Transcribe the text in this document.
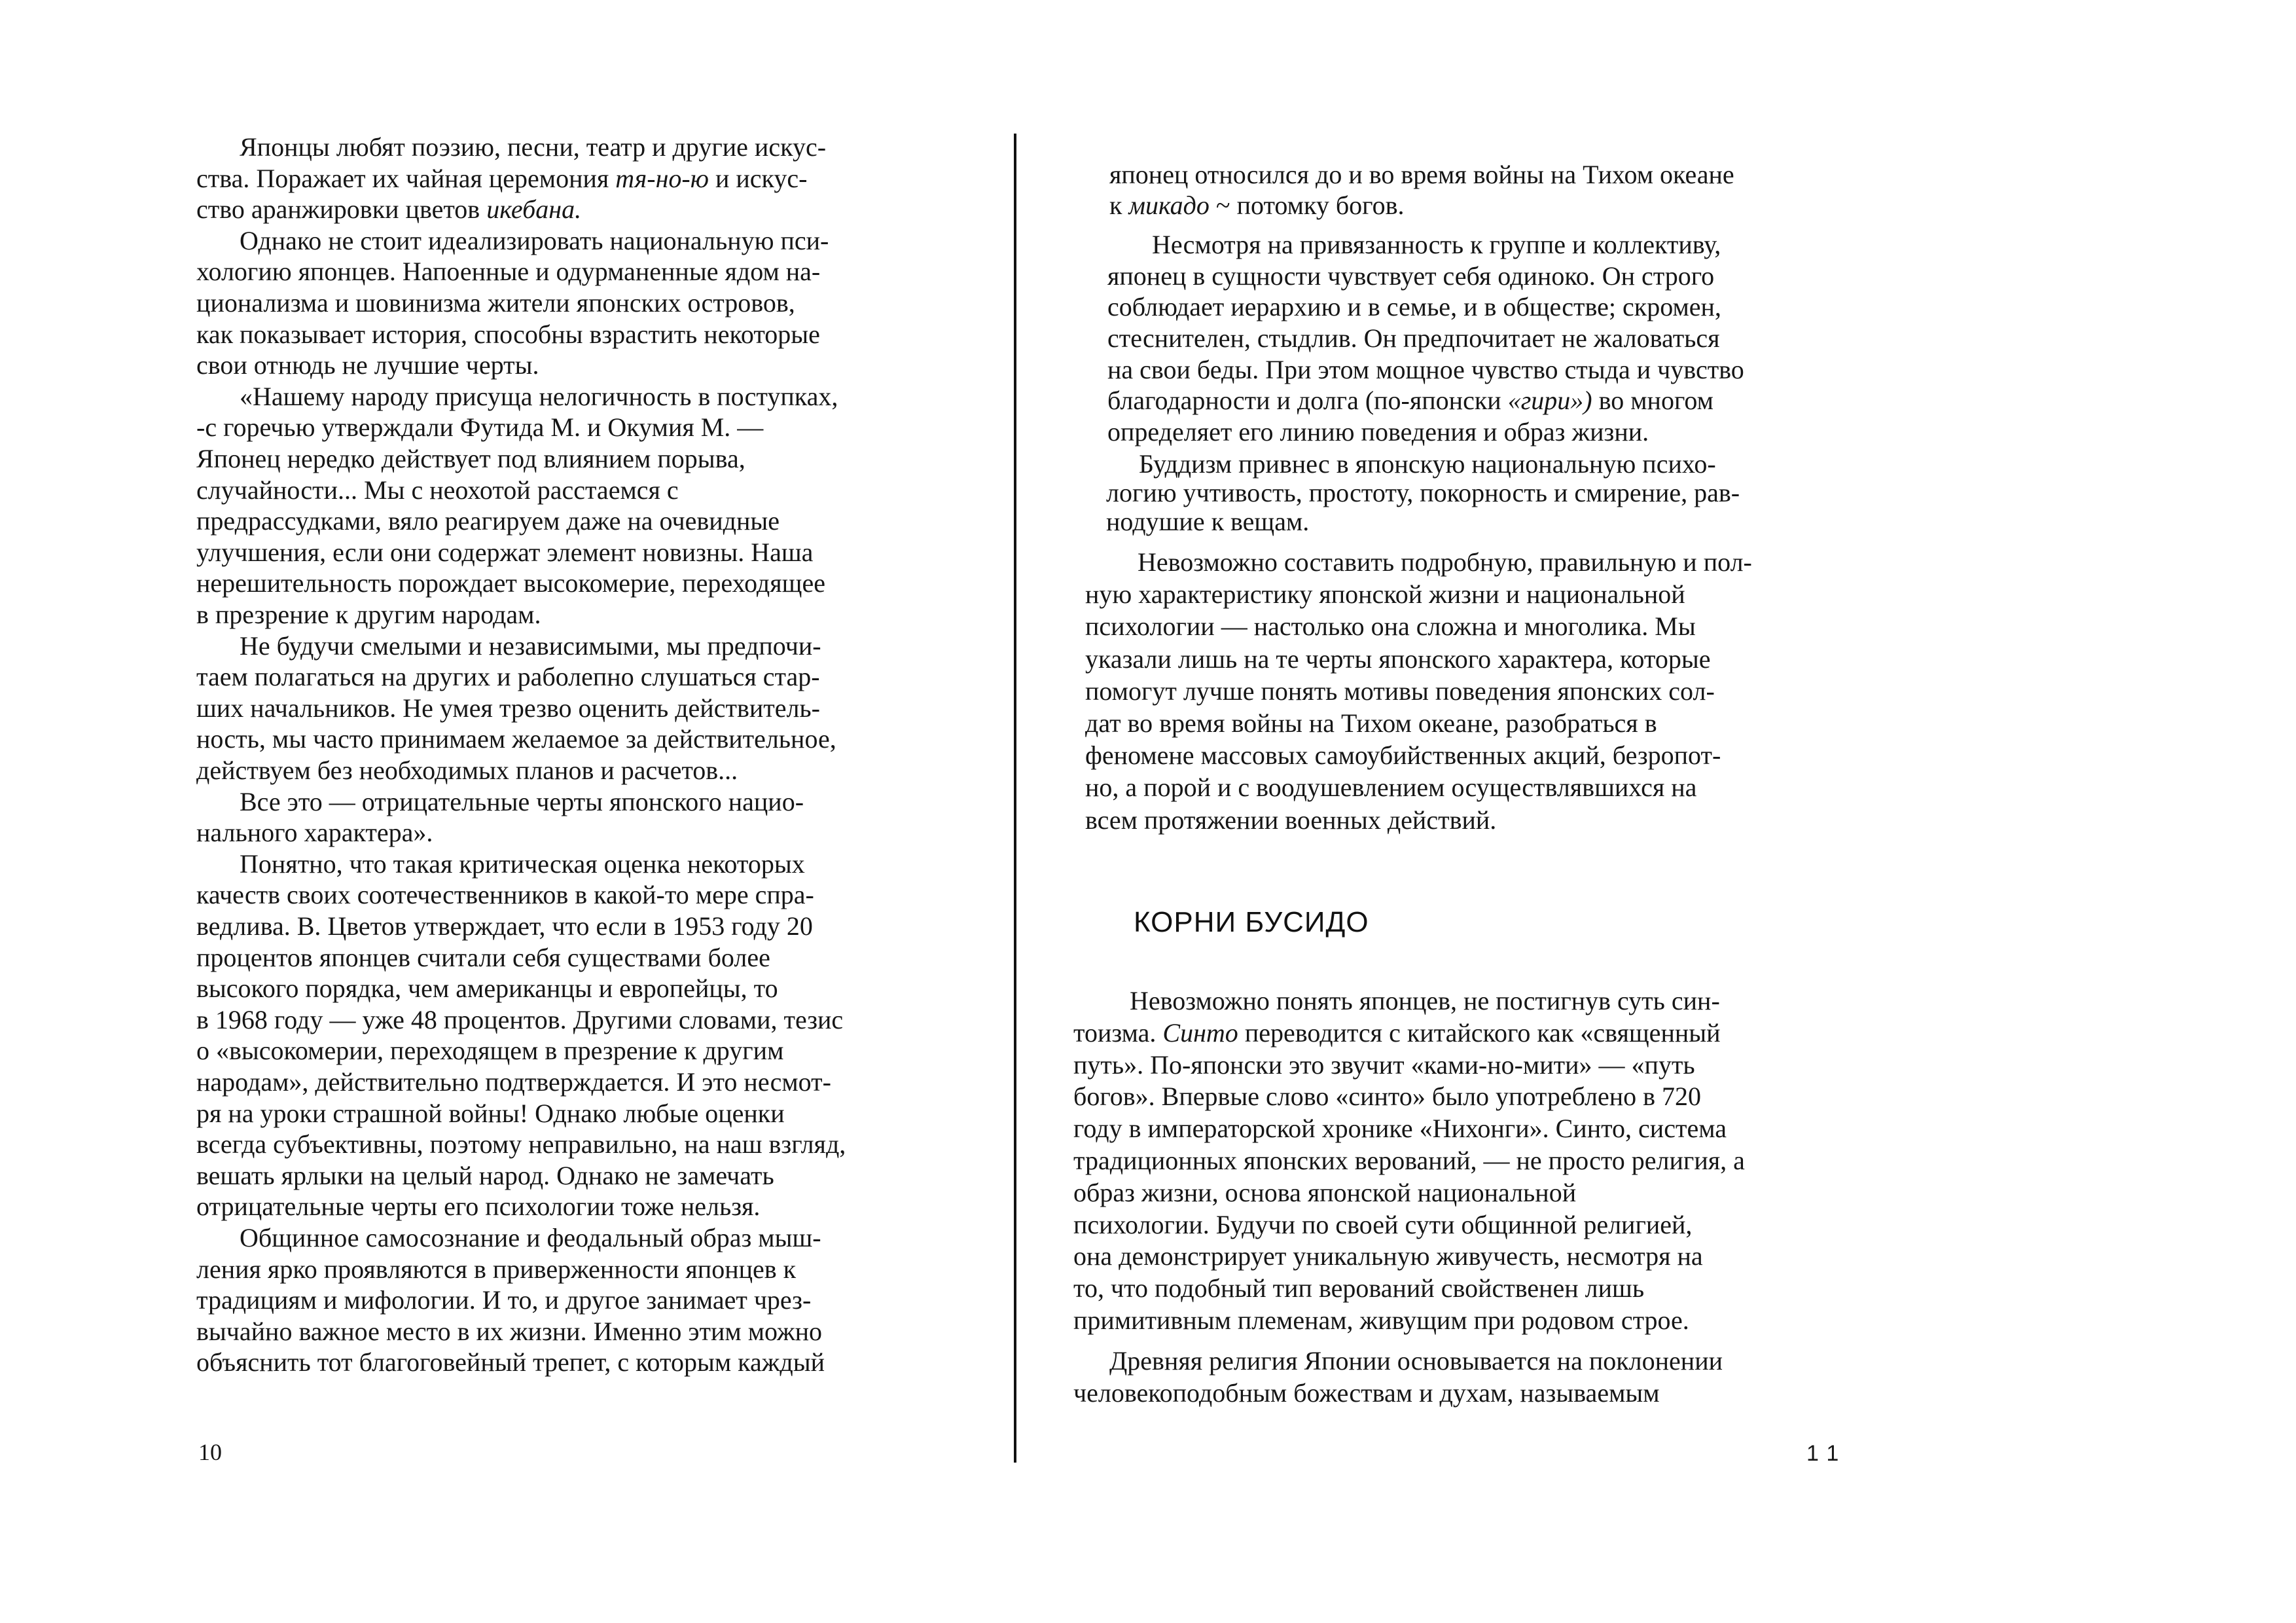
Японцы любят поэзию, песни, театр и другие искус-
ства. Поражает их чайная церемония тя-но-ю и искус-
ство аранжировки цветов икебана.
Однако не стоит идеализировать национальную пси-
хологию японцев. Напоенные и одурманенные ядом на-
ционализма и шовинизма жители японских островов,
как показывает история, способны взрастить некоторые
свои отнюдь не лучшие черты.
«Нашему народу присуща нелогичность в поступках,
-с горечью утверждали Футида М. и Окумия М. —
Японец нередко действует под влиянием порыва,
случайности... Мы с неохотой расстаемся с
предрассудками, вяло реагируем даже на очевидные
улучшения, если они содержат элемент новизны. Наша
нерешительность порождает высокомерие, переходящее
в презрение к другим народам.
Не будучи смелыми и независимыми, мы предпочи-
таем полагаться на других и раболепно слушаться стар-
ших начальников. Не умея трезво оценить действитель-
ность, мы часто принимаем желаемое за действительное,
действуем без необходимых планов и расчетов...
Все это — отрицательные черты японского нацио-
нального характера».
Понятно, что такая критическая оценка некоторых
качеств своих соотечественников в какой-то мере спра-
ведлива. В. Цветов утверждает, что если в 1953 году 20
процентов японцев считали себя существами более
высокого порядка, чем американцы и европейцы, то
в 1968 году — уже 48 процентов. Другими словами, тезис
о «высокомерии, переходящем в презрение к другим
народам», действительно подтверждается. И это несмот-
ря на уроки страшной войны! Однако любые оценки
всегда субъективны, поэтому неправильно, на наш взгляд,
вешать ярлыки на целый народ. Однако не замечать
отрицательные черты его психологии тоже нельзя.
Общинное самосознание и феодальный образ мыш-
ления ярко проявляются в приверженности японцев к
традициям и мифологии. И то, и другое занимает чрез-
вычайно важное место в их жизни. Именно этим можно
объяснить тот благоговейный трепет, с которым каждый
японец относился до и во время войны на Тихом океане
к микадо ~ потомку богов.
Несмотря на привязанность к группе и коллективу,
японец в сущности чувствует себя одиноко. Он строго
соблюдает иерархию и в семье, и в обществе; скромен,
стеснителен, стыдлив. Он предпочитает не жаловаться
на свои беды. При этом мощное чувство стыда и чувство
благодарности и долга (по-японски «гири») во многом
определяет его линию поведения и образ жизни.
Буддизм привнес в японскую национальную психо-
логию учтивость, простоту, покорность и смирение, рав-
нодушие к вещам.
Невозможно составить подробную, правильную и пол-
ную характеристику японской жизни и национальной
психологии — настолько она сложна и многолика. Мы
указали лишь на те черты японского характера, которые
помогут лучше понять мотивы поведения японских сол-
дат во время войны на Тихом океане, разобраться в
феномене массовых самоубийственных акций, безропот-
но, а порой и с воодушевлением осуществлявшихся на
всем протяжении военных действий.
Невозможно понять японцев, не постигнув суть син-
тоизма. Синто переводится с китайского как «священный
путь». По-японски это звучит «ками-но-мити» — «путь
богов». Впервые слово «синто» было употреблено в 720
году в императорской хронике «Нихонги». Синто, система
традиционных японских верований, — не просто религия, а
образ жизни, основа японской национальной
психологии. Будучи по своей сути общинной религией,
она демонстрирует уникальную живучесть, несмотря на
то, что подобный тип верований свойственен лишь
примитивным племенам, живущим при родовом строе.
Древняя религия Японии основывается на поклонении
человекоподобным божествам и духам, называемым
КОРНИ БУСИДО
10	11
